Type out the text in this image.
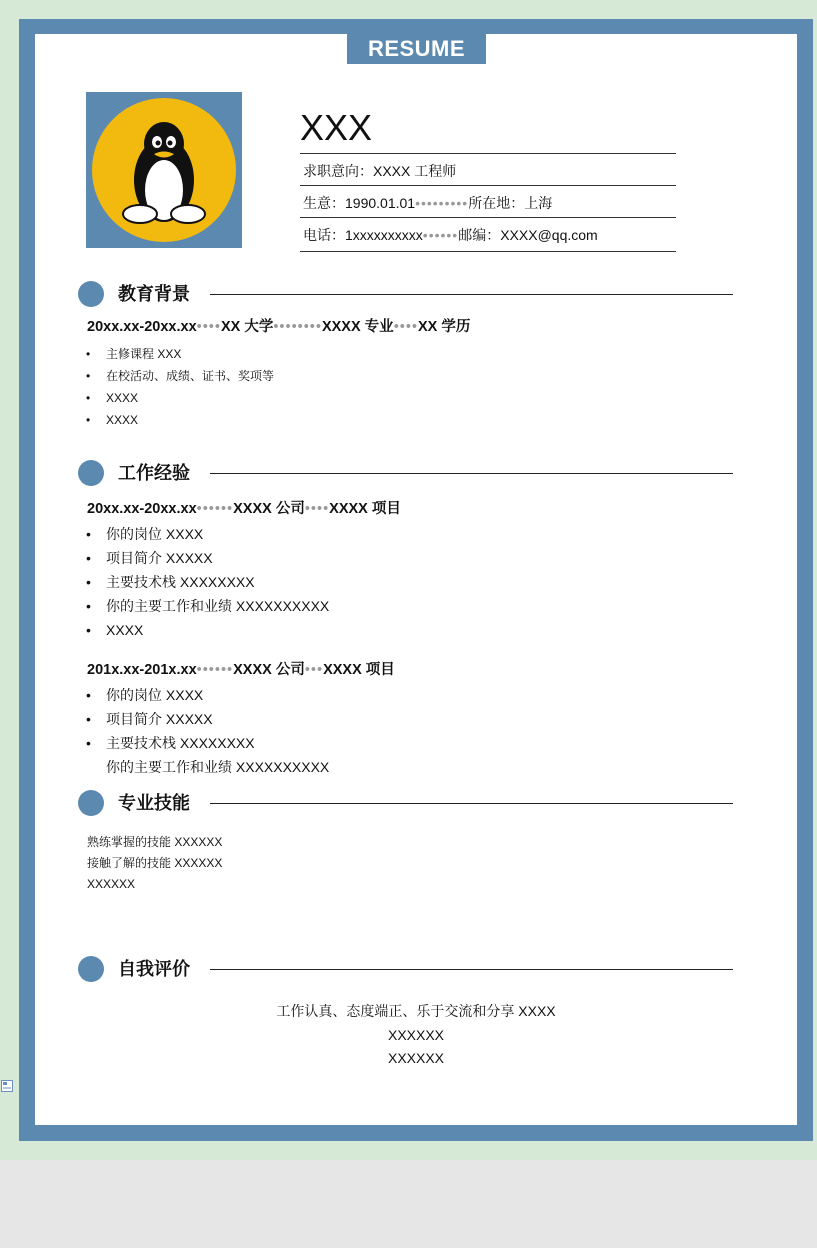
RESUME
XXX
求职意向：XXXX 工程师
生意：1990.01.01•••••••••所在地：上海
电话：1xxxxxxxxxx••••••邮编：XXXX@qq.com
教育背景
20xx.xx-20xx.xx••••XX 大学••••••••XXXX 专业••••XX 学历
• 主修课程 XXX
• 在校活动、成绩、证书、奖项等
• XXXX
• XXXX
工作经验
20xx.xx-20xx.xx••••••XXXX 公司••••XXXX 项目
• 你的岗位 XXXX
• 项目简介 XXXXX
• 主要技术栈 XXXXXXXX
• 你的主要工作和业绩 XXXXXXXXXX
• XXXX
201x.xx-201x.xx••••••XXXX 公司•••XXXX 项目
• 你的岗位 XXXX
• 项目简介 XXXXX
• 主要技术栈 XXXXXXXX
你的主要工作和业绩 XXXXXXXXXX
专业技能
熟练掌握的技能 XXXXXX
接触了解的技能 XXXXXX
XXXXXX
自我评价
工作认真、态度端正、乐于交流和分享 XXXX
XXXXXX
XXXXXX
